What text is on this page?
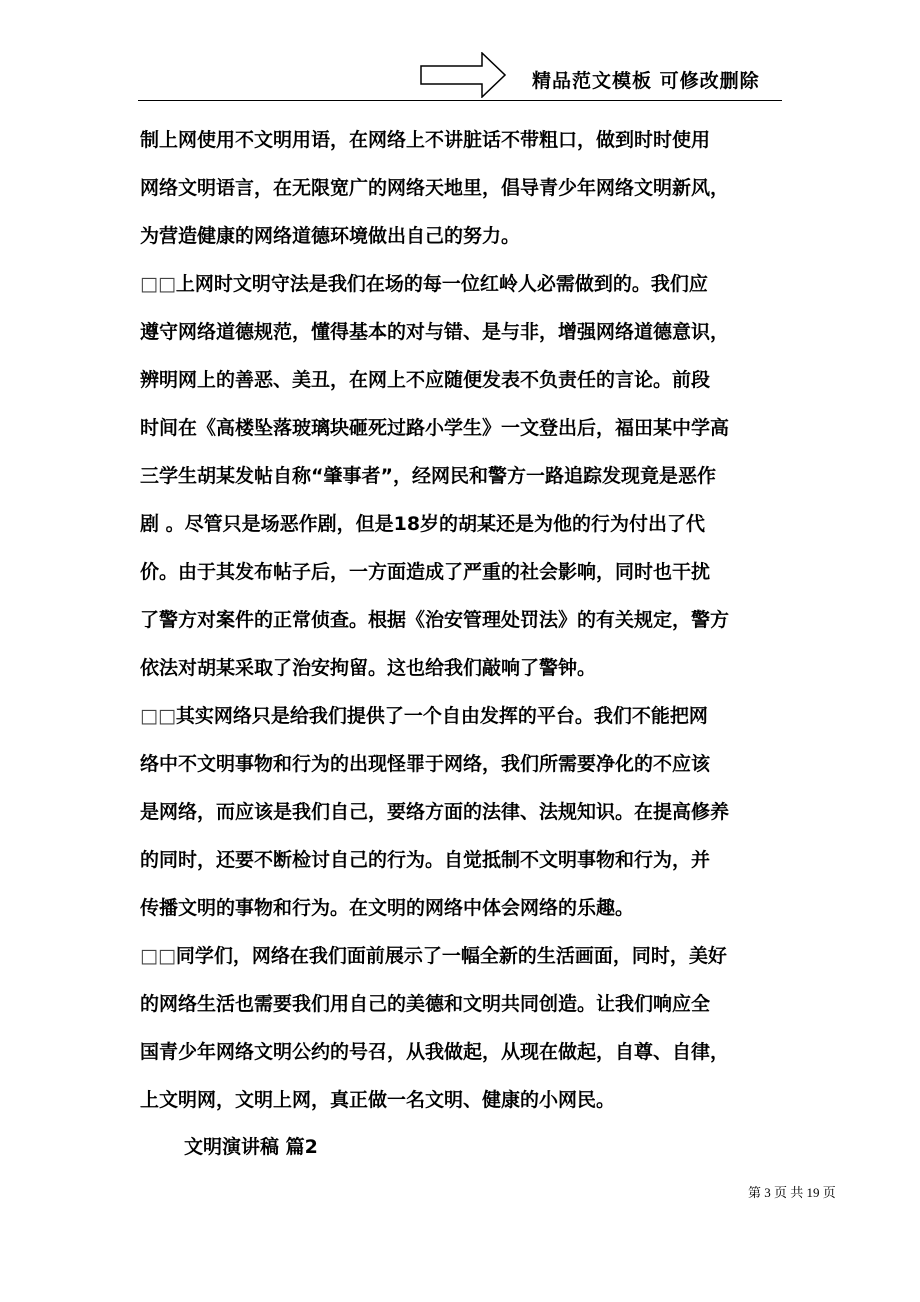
精品范文模板 可修改删除
制上网使用不文明用语，在网络上不讲脏话不带粗口，做到时时使用
网络文明语言，在无限宽广的网络天地里，倡导青少年网络文明新风，
为营造健康的网络道德环境做出自己的努力。
□□上网时文明守法是我们在场的每一位红岭人必需做到的。我们应
遵守网络道德规范，懂得基本的对与错、是与非，增强网络道德意识，
辨明网上的善恶、美丑，在网上不应随便发表不负责任的言论。前段
时间在《高楼坠落玻璃块砸死过路小学生》一文登出后，福田某中学高
三学生胡某发帖自称“肇事者”，经网民和警方一路追踪发现竟是恶作
剧 。尽管只是场恶作剧，但是18岁的胡某还是为他的行为付出了代
价。由于其发布帖子后，一方面造成了严重的社会影响，同时也干扰
了警方对案件的正常侦查。根据《治安管理处罚法》的有关规定，警方
依法对胡某采取了治安拘留。这也给我们敲响了警钟。
□□其实网络只是给我们提供了一个自由发挥的平台。我们不能把网
络中不文明事物和行为的出现怪罪于网络，我们所需要净化的不应该
是网络，而应该是我们自己，要络方面的法律、法规知识。在提高修养
的同时，还要不断检讨自己的行为。自觉抵制不文明事物和行为，并
传播文明的事物和行为。在文明的网络中体会网络的乐趣。
□□同学们，网络在我们面前展示了一幅全新的生活画面，同时，美好
的网络生活也需要我们用自己的美德和文明共同创造。让我们响应全
国青少年网络文明公约的号召，从我做起，从现在做起，自尊、自律，
上文明网，文明上网，真正做一名文明、健康的小网民。
文明演讲稿 篇2
第 3 页 共 19 页
